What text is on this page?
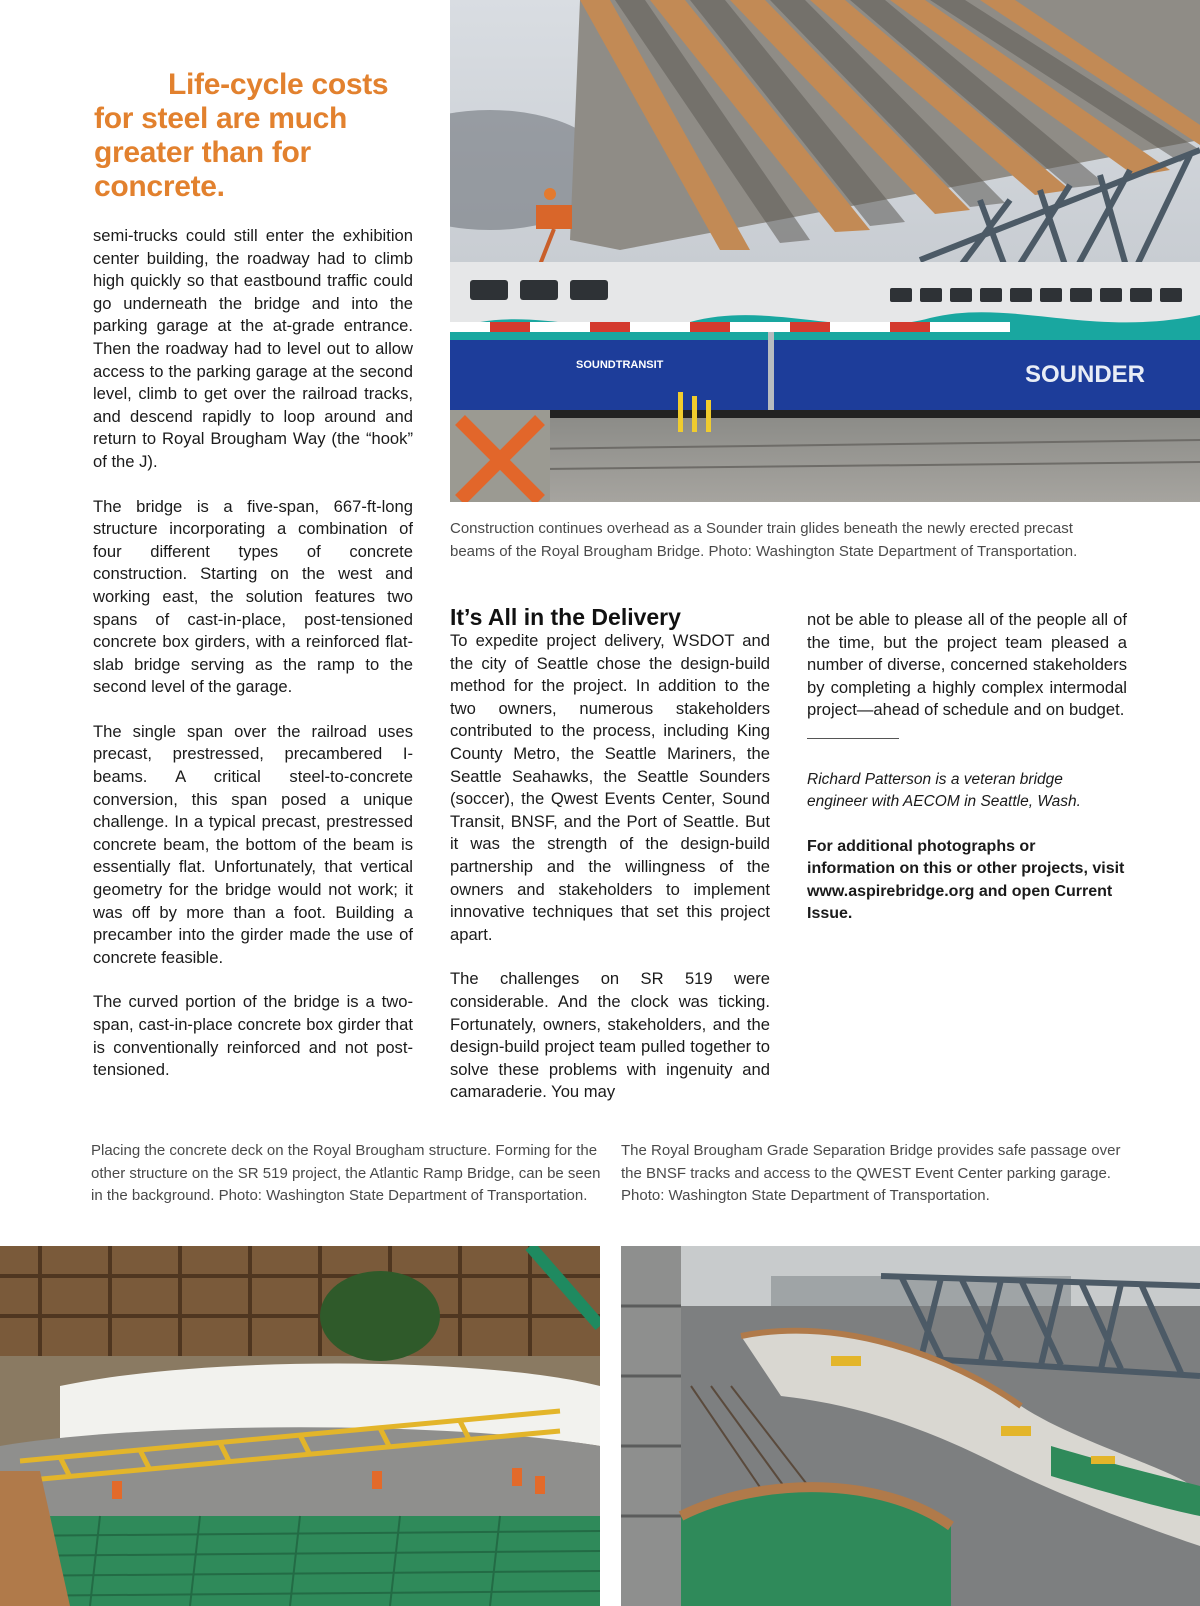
Life-cycle costs for steel are much greater than for concrete.

semi-trucks could still enter the exhibition center building, the roadway had to climb high quickly so that eastbound traffic could go underneath the bridge and into the parking garage at the at-grade entrance. Then the roadway had to level out to allow access to the parking garage at the second level, climb to get over the railroad tracks, and descend rapidly to loop around and return to Royal Brougham Way (the “hook” of the J).

The bridge is a five-span, 667-ft-long structure incorporating a combination of four different types of concrete construction. Starting on the west and working east, the solution features two spans of cast-in-place, post-tensioned concrete box girders, with a reinforced flat-slab bridge serving as the ramp to the second level of the garage.

The single span over the railroad uses precast, prestressed, precambered I-beams. A critical steel-to-concrete conversion, this span posed a unique challenge. In a typical precast, prestressed concrete beam, the bottom of the beam is essentially flat. Unfortunately, that vertical geometry for the bridge would not work; it was off by more than a foot. Building a precamber into the girder made the use of concrete feasible.

The curved portion of the bridge is a two-span, cast-in-place concrete box girder that is conventionally reinforced and not post-tensioned.

SOUNDTRANSIT	SOUNDER

Construction continues overhead as a Sounder train glides beneath the newly erected precast beams of the Royal Brougham Bridge. Photo: Washington State Department of Transportation.

It’s All in the Delivery

To expedite project delivery, WSDOT and the city of Seattle chose the design-build method for the project. In addition to the two owners, numerous stakeholders contributed to the process, including King County Metro, the Seattle Mariners, the Seattle Seahawks, the Seattle Sounders (soccer), the Qwest Events Center, Sound Transit, BNSF, and the Port of Seattle. But it was the strength of the design-build partnership and the willingness of the owners and stakeholders to implement innovative techniques that set this project apart.

The challenges on SR 519 were considerable. And the clock was ticking. Fortunately, owners, stakeholders, and the design-build project team pulled together to solve these problems with ingenuity and camaraderie. You may

not be able to please all of the people all of the time, but the project team pleased a number of diverse, concerned stakeholders by completing a highly complex intermodal project—ahead of schedule and on budget.

Richard Patterson is a veteran bridge engineer with AECOM in Seattle, Wash.

For additional photographs or information on this or other projects, visit www.aspirebridge.org and open Current Issue.

Placing the concrete deck on the Royal Brougham structure. Forming for the other structure on the SR 519 project, the Atlantic Ramp Bridge, can be seen in the background. Photo: Washington State Department of Transportation.

The Royal Brougham Grade Separation Bridge provides safe passage over the BNSF tracks and access to the QWEST Event Center parking garage. Photo: Washington State Department of Transportation.
